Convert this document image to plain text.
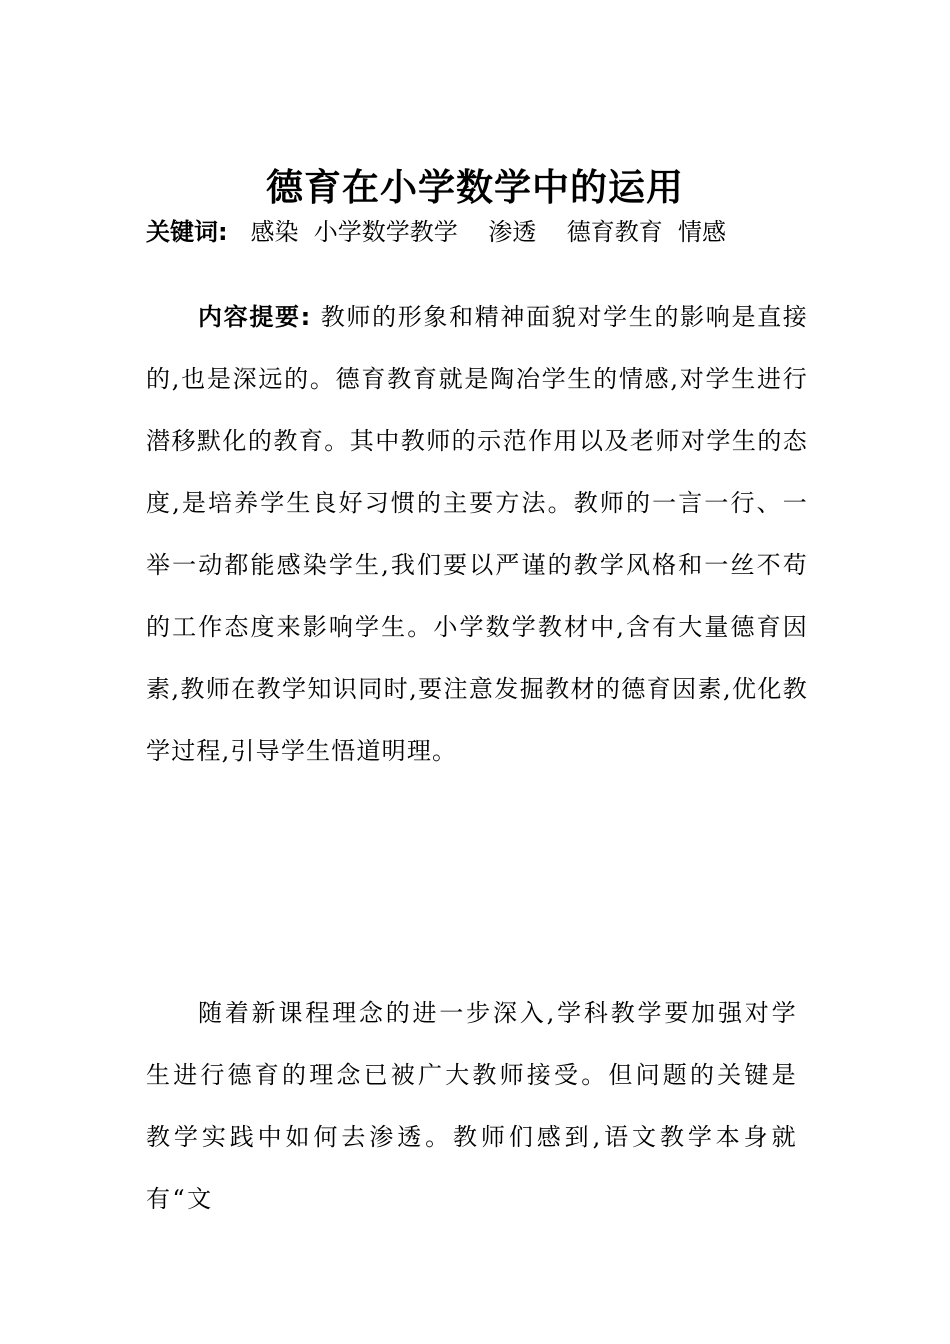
德育在小学数学中的运用
关键词:   感染  小学数学教学    渗透    德育教育  情感

内容提要: 教师的形象和精神面貌对学生的影响是直接的,也是深远的。德育教育就是陶冶学生的情感,对学生进行潜移默化的教育。其中教师的示范作用以及老师对学生的态度,是培养学生良好习惯的主要方法。教师的一言一行、一举一动都能感染学生,我们要以严谨的教学风格和一丝不苟的工作态度来影响学生。小学数学教材中,含有大量德育因素,教师在教学知识同时,要注意发掘教材的德育因素,优化教学过程,引导学生悟道明理。

随着新课程理念的进一步深入,学科教学要加强对学生进行德育的理念已被广大教师接受。但问题的关键是教学实践中如何去渗透。教师们感到,语文教学本身就有“文
